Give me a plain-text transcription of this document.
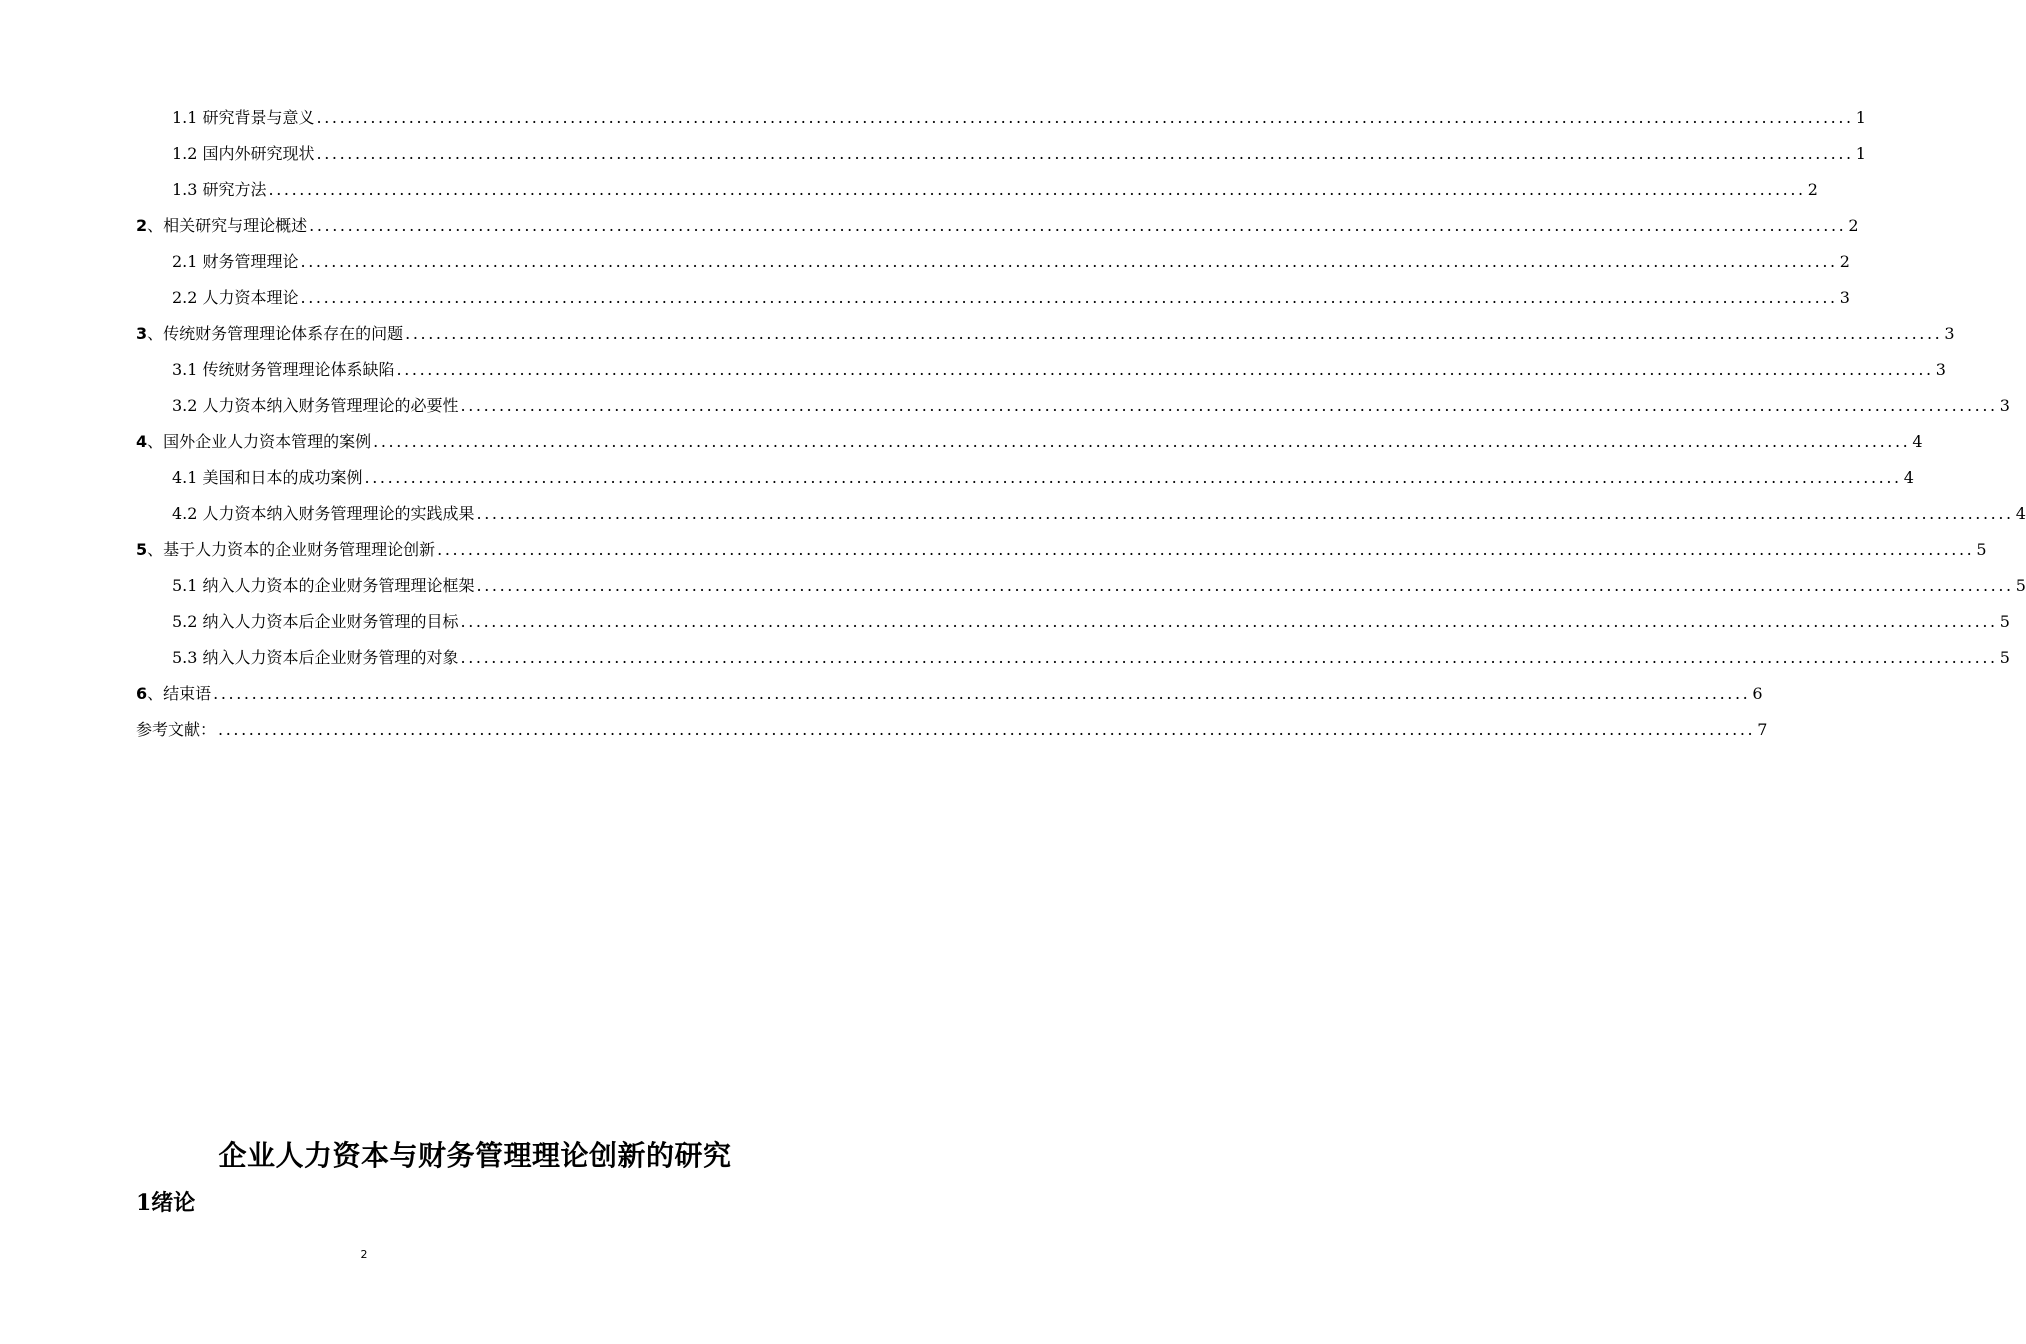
1.1 研究背景与意义 ........................................................................................................................................................................................................ 1
1.2 国内外研究现状 ........................................................................................................................................................................................................ 1
1.3 研究方法 ........................................................................................................................................................................................................ 2
2、相关研究与理论概述 ........................................................................................................................................................................................................ 2
2.1 财务管理理论 ........................................................................................................................................................................................................ 2
2.2 人力资本理论 ........................................................................................................................................................................................................ 3
3、传统财务管理理论体系存在的问题 ........................................................................................................................................................................................................ 3
3.1 传统财务管理理论体系缺陷 ........................................................................................................................................................................................................ 3
3.2 人力资本纳入财务管理理论的必要性 ........................................................................................................................................................................................................ 3
4、国外企业人力资本管理的案例 ........................................................................................................................................................................................................ 4
4.1 美国和日本的成功案例 ........................................................................................................................................................................................................ 4
4.2 人力资本纳入财务管理理论的实践成果 ........................................................................................................................................................................................................ 4
5、基于人力资本的企业财务管理理论创新 ........................................................................................................................................................................................................ 5
5.1 纳入人力资本的企业财务管理理论框架 ........................................................................................................................................................................................................ 5
5.2 纳入人力资本后企业财务管理的目标 ........................................................................................................................................................................................................ 5
5.3 纳入人力资本后企业财务管理的对象 ........................................................................................................................................................................................................ 5
6、结束语 ........................................................................................................................................................................................................ 6
参考文献： ........................................................................................................................................................................................................ 7
企业人力资本与财务管理理论创新的研究
1绪论
2
